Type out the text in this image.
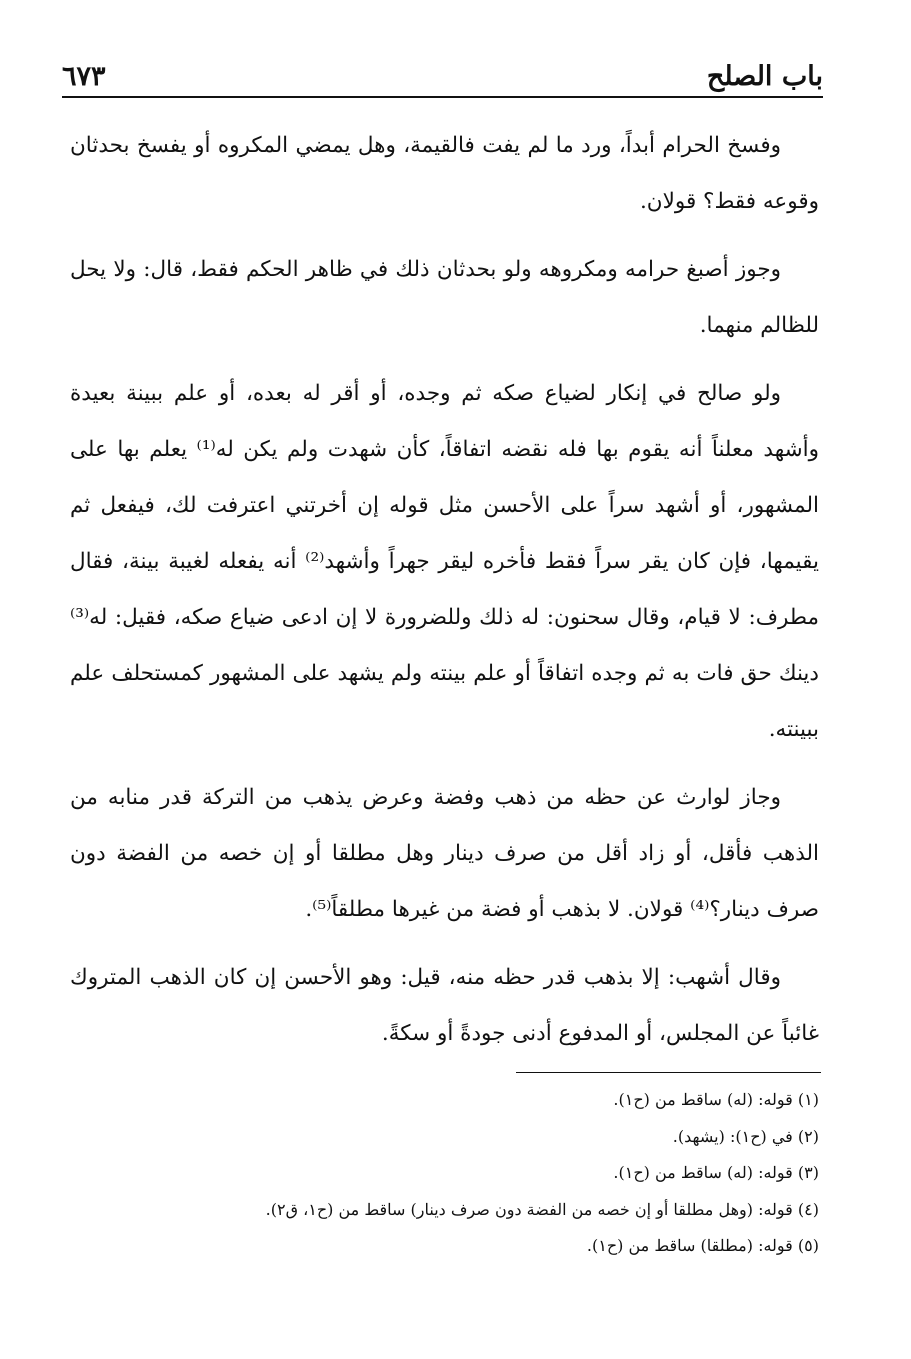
باب الصلح
٦٧٣

وفسخ الحرام أبداً، ورد ما لم يفت فالقيمة، وهل يمضي المكروه أو يفسخ بحدثان وقوعه فقط؟ قولان.

وجوز أصبغ حرامه ومكروهه ولو بحدثان ذلك في ظاهر الحكم فقط، قال: ولا يحل للظالم منهما.

ولو صالح في إنكار لضياع صكه ثم وجده، أو أقر له بعده، أو علم ببينة بعيدة وأشهد معلناً أنه يقوم بها فله نقضه اتفاقاً، كأن شهدت ولم يكن له⁽¹⁾ يعلم بها على المشهور، أو أشهد سراً على الأحسن مثل قوله إن أخرتني اعترفت لك، فيفعل ثم يقيمها، فإن كان يقر سراً فقط فأخره ليقر جهراً وأشهد⁽²⁾ أنه يفعله لغيبة بينة، فقال مطرف: لا قيام، وقال سحنون: له ذلك وللضرورة لا إن ادعى ضياع صكه، فقيل: له⁽³⁾ دينك حق فات به ثم وجده اتفاقاً أو علم بينته ولم يشهد على المشهور كمستحلف علم ببينته.

وجاز لوارث عن حظه من ذهب وفضة وعرض يذهب من التركة قدر منابه من الذهب فأقل، أو زاد أقل من صرف دينار وهل مطلقا أو إن خصه من الفضة دون صرف دينار؟⁽⁴⁾ قولان. لا بذهب أو فضة من غيرها مطلقاً⁽⁵⁾.

وقال أشهب: إلا بذهب قدر حظه منه، قيل: وهو الأحسن إن كان الذهب المتروك غائباً عن المجلس، أو المدفوع أدنى جودةً أو سكةً.

(١) قوله: (له) ساقط من (ح١).

(٢) في (ح١): (يشهد).

(٣) قوله: (له) ساقط من (ح١).

(٤) قوله: (وهل مطلقا أو إن خصه من الفضة دون صرف دينار) ساقط من (ح١، ق٢).

(٥) قوله: (مطلقا) ساقط من (ح١).
